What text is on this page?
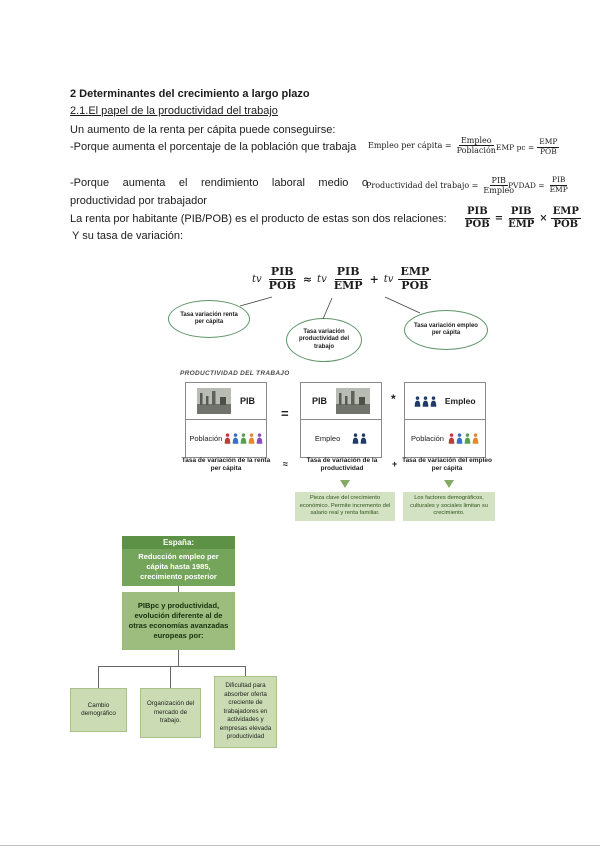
2 Determinantes del crecimiento a largo plazo
2.1.El papel de la productividad del trabajo
Un aumento de la renta per cápita puede conseguirse:
-Porque aumenta el porcentaje de la población que trabaja
-Porque aumenta el rendimiento laboral medio o productividad por trabajador
La renta por habitante (PIB/POB) es el producto de estas son dos relaciones:
Y su tasa de variación:
Empleo per cápita = $\frac{\text{Empleo}}{\text{Población}}$
EMP pc = $\frac{\text{EMP}}{\text{POB}}$
Productividad del trabajo = $\frac{\text{PIB}}{\text{Empleo}}$
PVDAD = $\frac{\text{PIB}}{\text{EMP}}$
$\frac{\text{PIB}}{\text{POB}} = \frac{\text{PIB}}{\text{EMP}} \times \frac{\text{EMP}}{\text{POB}}$
tv $\frac{\text{PIB}}{\text{POB}}$ ≈ tv $\frac{\text{PIB}}{\text{EMP}}$ + tv $\frac{\text{EMP}}{\text{POB}}$
Tasa variación renta per cápita
Tasa variación productividad del trabajo
Tasa variación empleo per cápita
PRODUCTIVIDAD DEL TRABAJO
PIB
Población
=
PIB
Empleo
*	Empleo
Población
Tasa de variación de la renta per cápita	≈	Tasa de variación de la productividad	+ Tasa de variación del empleo per cápita
Pieza clave del crecimiento económico. Permite incremento del salario real y renta familiar.
Los factores demográficos, culturales y sociales limitan su crecimiento.
España:
Reducción empleo per cápita hasta 1985, crecimiento posterior
PIBpc y productividad, evolución diferente al de otras economías avanzadas europeas por:
Cambio demográfico
Organización del mercado de trabajo.
Dificultad para absorber oferta creciente de trabajadores en actividades y empresas elevada productividad
